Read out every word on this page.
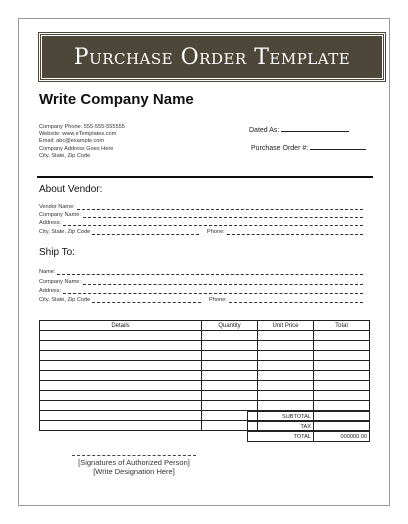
Purchase Order Template
Write Company Name
Company Phone: 555-555-555555
Website: www.eTemplates.com
Email: abc@example.com
Company Address Goes Here
City, State, Zip Code
Dated As:
Purchase Order #:
About Vendor:
Vendor Name:
Company Name:
Address:
City, State, Zip Code	Phone:
Ship To:
Name:
Company Name:
Address:
City, State, Zip Code	Phone:
Details	Quantity	Unit Price	Total

SUBTOTAL	
TAX	
TOTAL	000000.00
[Signatures of Authorized Person]
[Write Designation Here]
